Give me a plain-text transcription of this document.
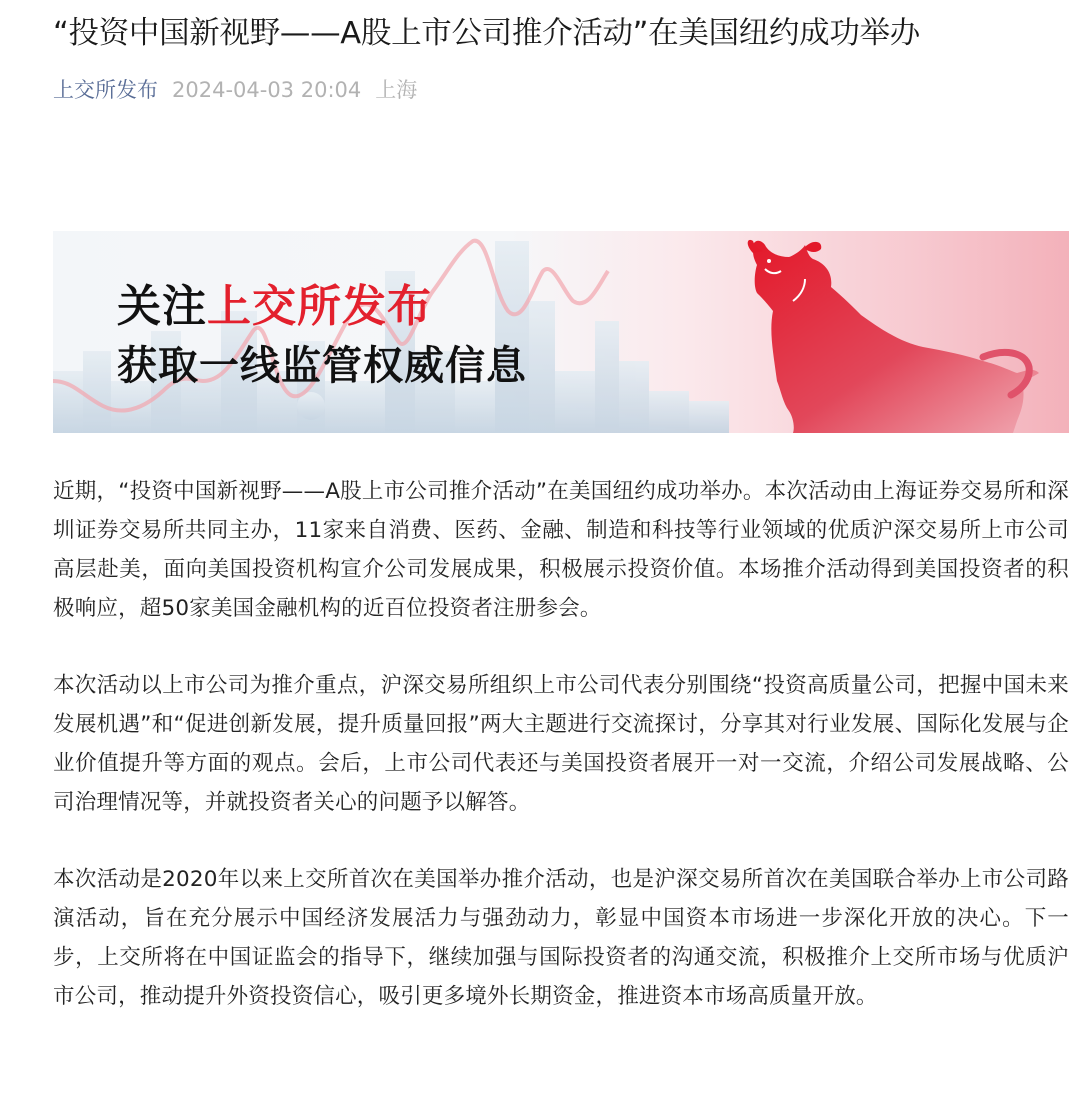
“投资中国新视野——A股上市公司推介活动”在美国纽约成功举办
上交所发布 2024-04-03 20:04 上海
关注上交所发布
获取一线监管权威信息

近期，“投资中国新视野——A股上市公司推介活动”在美国纽约成功举办。本次活动由上海证券交易所和深圳证券交易所共同主办，11家来自消费、医药、金融、制造和科技等行业领域的优质沪深交易所上市公司高层赴美，面向美国投资机构宣介公司发展成果，积极展示投资价值。本场推介活动得到美国投资者的积极响应，超50家美国金融机构的近百位投资者注册参会。

本次活动以上市公司为推介重点，沪深交易所组织上市公司代表分别围绕“投资高质量公司，把握中国未来发展机遇”和“促进创新发展，提升质量回报”两大主题进行交流探讨，分享其对行业发展、国际化发展与企业价值提升等方面的观点。会后，上市公司代表还与美国投资者展开一对一交流，介绍公司发展战略、公司治理情况等，并就投资者关心的问题予以解答。

本次活动是2020年以来上交所首次在美国举办推介活动，也是沪深交易所首次在美国联合举办上市公司路演活动，旨在充分展示中国经济发展活力与强劲动力，彰显中国资本市场进一步深化开放的决心。下一步，上交所将在中国证监会的指导下，继续加强与国际投资者的沟通交流，积极推介上交所市场与优质沪市公司，推动提升外资投资信心，吸引更多境外长期资金，推进资本市场高质量开放。
